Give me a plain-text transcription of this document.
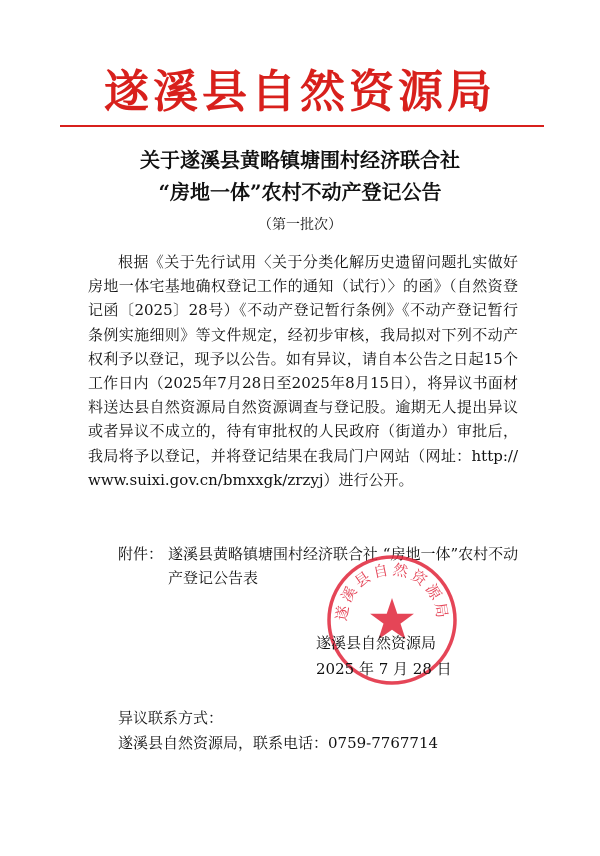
遂溪县自然资源局
关于遂溪县黄略镇塘围村经济联合社
“房地一体”农村不动产登记公告
（第一批次）
根据《关于先行试用〈关于分类化解历史遗留问题扎实做好房地一体宅基地确权登记工作的通知（试行）〉的函》（自然资登记函〔2025〕28号）《不动产登记暂行条例》《不动产登记暂行条例实施细则》等文件规定，经初步审核，我局拟对下列不动产权利予以登记，现予以公告。如有异议，请自本公告之日起15个工作日内（2025年7月28日至2025年8月15日），将异议书面材料送达县自然资源局自然资源调查与登记股。逾期无人提出异议或者异议不成立的，待有审批权的人民政府（街道办）审批后，我局将予以登记，并将登记结果在我局门户网站（网址：http://www.suixi.gov.cn/bmxxgk/zrzyj）进行公开。
附件： 遂溪县黄略镇塘围村经济联合社 “房地一体”农村不动产登记公告表
遂溪县自然资源局
遂溪县自然资源局
2025 年 7 月 28 日
异议联系方式：
遂溪县自然资源局，联系电话：0759-7767714
